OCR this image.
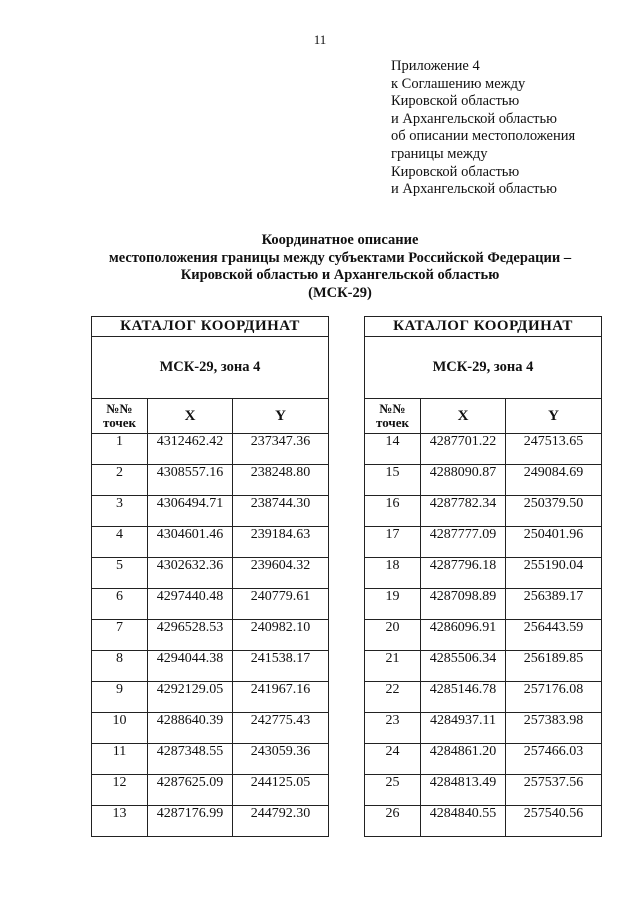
11
Приложение 4
к Соглашению между
Кировской областью
и Архангельской областью
об описании местоположения
границы между
Кировской областью
и Архангельской областью
Координатное описание
местоположения границы между субъектами Российской Федерации –
Кировской областью и Архангельской областью
(МСК-29)
КАТАЛОГ КООРДИНАТ		
МСК-29, зона 4		
№№
точек	X	Y
1	4312462.42	237347.36
2	4308557.16	238248.80
3	4306494.71	238744.30
4	4304601.46	239184.63
5	4302632.36	239604.32
6	4297440.48	240779.61
7	4296528.53	240982.10
8	4294044.38	241538.17
9	4292129.05	241967.16
10	4288640.39	242775.43
11	4287348.55	243059.36
12	4287625.09	244125.05
13	4287176.99	244792.30
КАТАЛОГ КООРДИНАТ		
МСК-29, зона 4		
№№
точек	X	Y
14	4287701.22	247513.65
15	4288090.87	249084.69
16	4287782.34	250379.50
17	4287777.09	250401.96
18	4287796.18	255190.04
19	4287098.89	256389.17
20	4286096.91	256443.59
21	4285506.34	256189.85
22	4285146.78	257176.08
23	4284937.11	257383.98
24	4284861.20	257466.03
25	4284813.49	257537.56
26	4284840.55	257540.56
